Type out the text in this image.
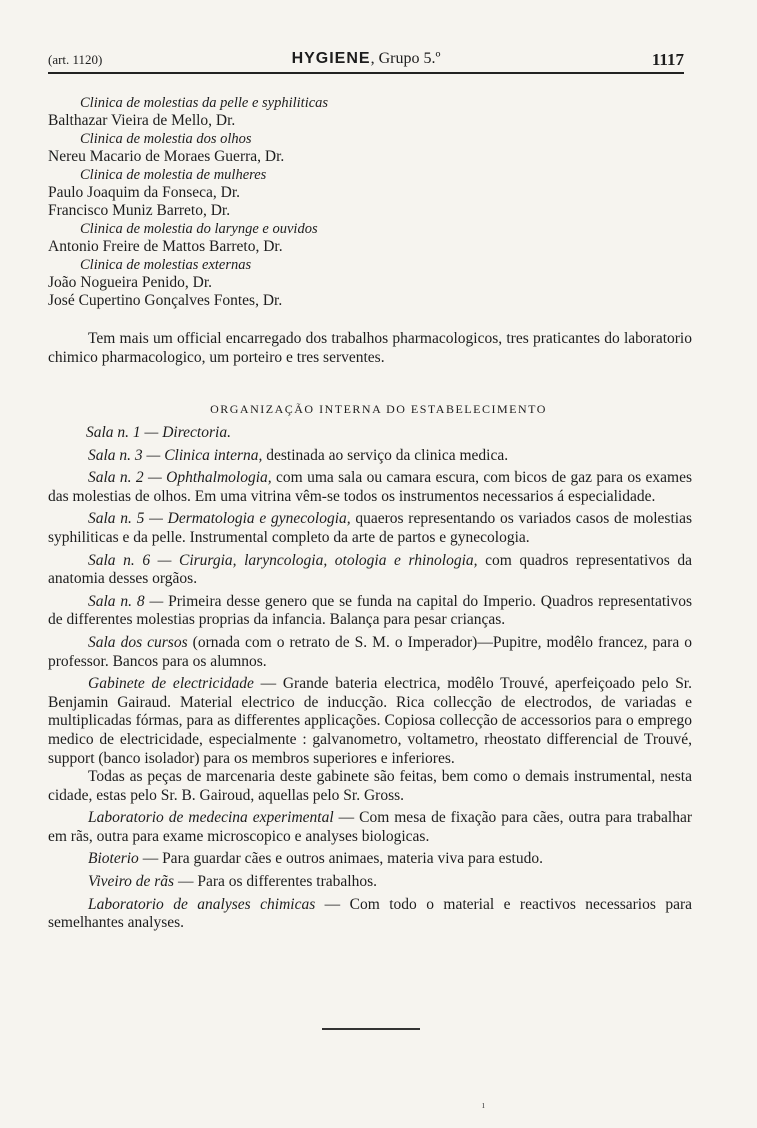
(art. 1120)	HYGIENE, Grupo 5.º	1117
Clinica de molestias da pelle e syphiliticas
Balthazar Vieira de Mello, Dr.
Clinica de molestia dos olhos
Nereu Macario de Moraes Guerra, Dr.
Clinica de molestia de mulheres
Paulo Joaquim da Fonseca, Dr.
Francisco Muniz Barreto, Dr.
Clinica de molestia do larynge e ouvidos
Antonio Freire de Mattos Barreto, Dr.
Clinica de molestias externas
João Nogueira Penido, Dr.
José Cupertino Gonçalves Fontes, Dr.
Tem mais um official encarregado dos trabalhos pharmacologicos, tres praticantes do laboratorio chimico pharmacologico, um porteiro e tres serventes.
ORGANIZAÇÃO INTERNA DO ESTABELECIMENTO
Sala n. 1 — Directoria.
Sala n. 3 — Clinica interna, destinada ao serviço da clinica medica.
Sala n. 2 — Ophthalmologia, com uma sala ou camara escura, com bicos de gaz para os exames das molestias de olhos. Em uma vitrina vêm-se todos os instrumentos necessarios á especialidade.
Sala n. 5 — Dermatologia e gynecologia, quaeros representando os variados casos de molestias syphiliticas e da pelle. Instrumental completo da arte de partos e gynecologia.
Sala n. 6 — Cirurgia, laryncologia, otologia e rhinologia, com quadros representativos da anatomia desses orgãos.
Sala n. 8 — Primeira desse genero que se funda na capital do Imperio. Quadros representativos de differentes molestias proprias da infancia. Balança para pesar crianças.
Sala dos cursos (ornada com o retrato de S. M. o Imperador)—Pupitre, modêlo francez, para o professor. Bancos para os alumnos.
Gabinete de electricidade — Grande bateria electrica, modêlo Trouvé, aperfeiçoado pelo Sr. Benjamin Gairaud. Material electrico de inducção. Rica collecção de electrodos, de variadas e multiplicadas fórmas, para as differentes applicações. Copiosa collecção de accessorios para o emprego medico de electricidade, especialmente : galvanometro, voltametro, rheostato differencial de Trouvé, support (banco isolador) para os membros superiores e inferiores.
Todas as peças de marcenaria deste gabinete são feitas, bem como o demais instrumental, nesta cidade, estas pelo Sr. B. Gairoud, aquellas pelo Sr. Gross.
Laboratorio de medecina experimental — Com mesa de fixação para cães, outra para trabalhar em rãs, outra para exame microscopico e analyses biologicas.
Bioterio — Para guardar cães e outros animaes, materia viva para estudo.
Viveiro de rãs — Para os differentes trabalhos.
Laboratorio de analyses chimicas — Com todo o material e reactivos necessarios para semelhantes analyses.
ı
